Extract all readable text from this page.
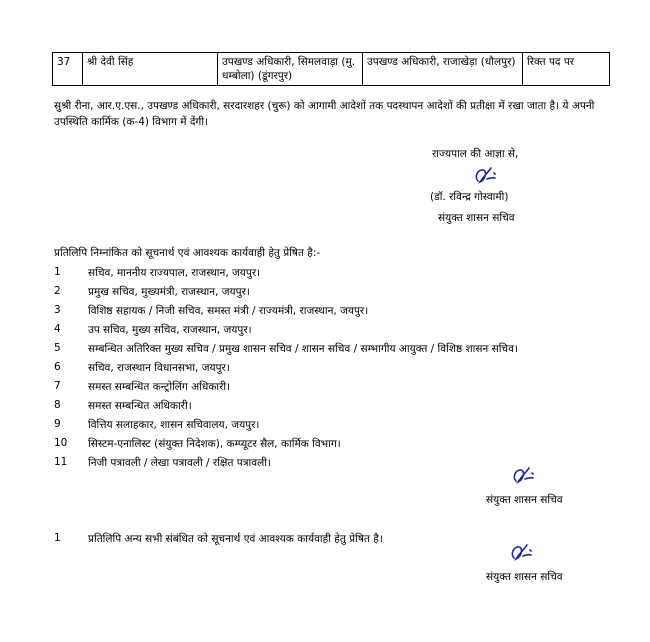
37	श्री देवी सिंह	उपखण्ड अधिकारी, सिमलवाड़ा (मु. धम्बोला) (डूंगरपुर)	उपखण्ड अधिकारी, राजाखेड़ा (धौलपुर)	रिक्त पद पर
सुश्री रीना, आर.ए.एस., उपखण्ड अधिकारी, सरदारशहर (चुरू) को आगामी आदेशों तक पदस्थापन आदेशों की प्रतीक्षा में रखा जाता है। ये अपनी उपस्थिति कार्मिक (क-4) विभाग में देंगी।
राज्यपाल की आज्ञा से,
(डॉ. रविन्द्र गोस्वामी)
संयुक्त शासन सचिव
प्रतिलिपि निम्नांकित को सूचनार्थ एवं आवश्यक कार्यवाही हेतु प्रेषित है:-
1	सचिव, माननीय राज्यपाल, राजस्थान, जयपुर।
2	प्रमुख सचिव, मुख्यमंत्री, राजस्थान, जयपुर।
3	विशिष्ठ सहायक / निजी सचिव, समस्त मंत्री / राज्यमंत्री, राजस्थान, जयपुर।
4	उप सचिव, मुख्य सचिव, राजस्थान, जयपुर।
5	सम्बन्धित अतिरिक्त मुख्य सचिव / प्रमुख शासन सचिव / शासन सचिव / सम्भागीय आयुक्त / विशिष्ठ शासन सचिव।
6	सचिव, राजस्थान विधानसभा, जयपुर।
7	समस्त सम्बन्धित कन्ट्रोलिंग अधिकारी।
8	समस्त सम्बन्धित अधिकारी।
9	वित्तिय सलाहकार, शासन सचिवालय, जयपुर।
10	सिस्टम-एनालिस्ट (संयुक्त निदेशक), कम्प्यूटर सैल, कार्मिक विभाग।
11	निजी पत्रावली / लेखा पत्रावली / रक्षित पत्रावली।
संयुक्त शासन सचिव
1	प्रतिलिपि अन्य सभी संबंधित को सूचनार्थ एवं आवश्यक कार्यवाही हेतु प्रेषित है।
संयुक्त शासन सचिव
